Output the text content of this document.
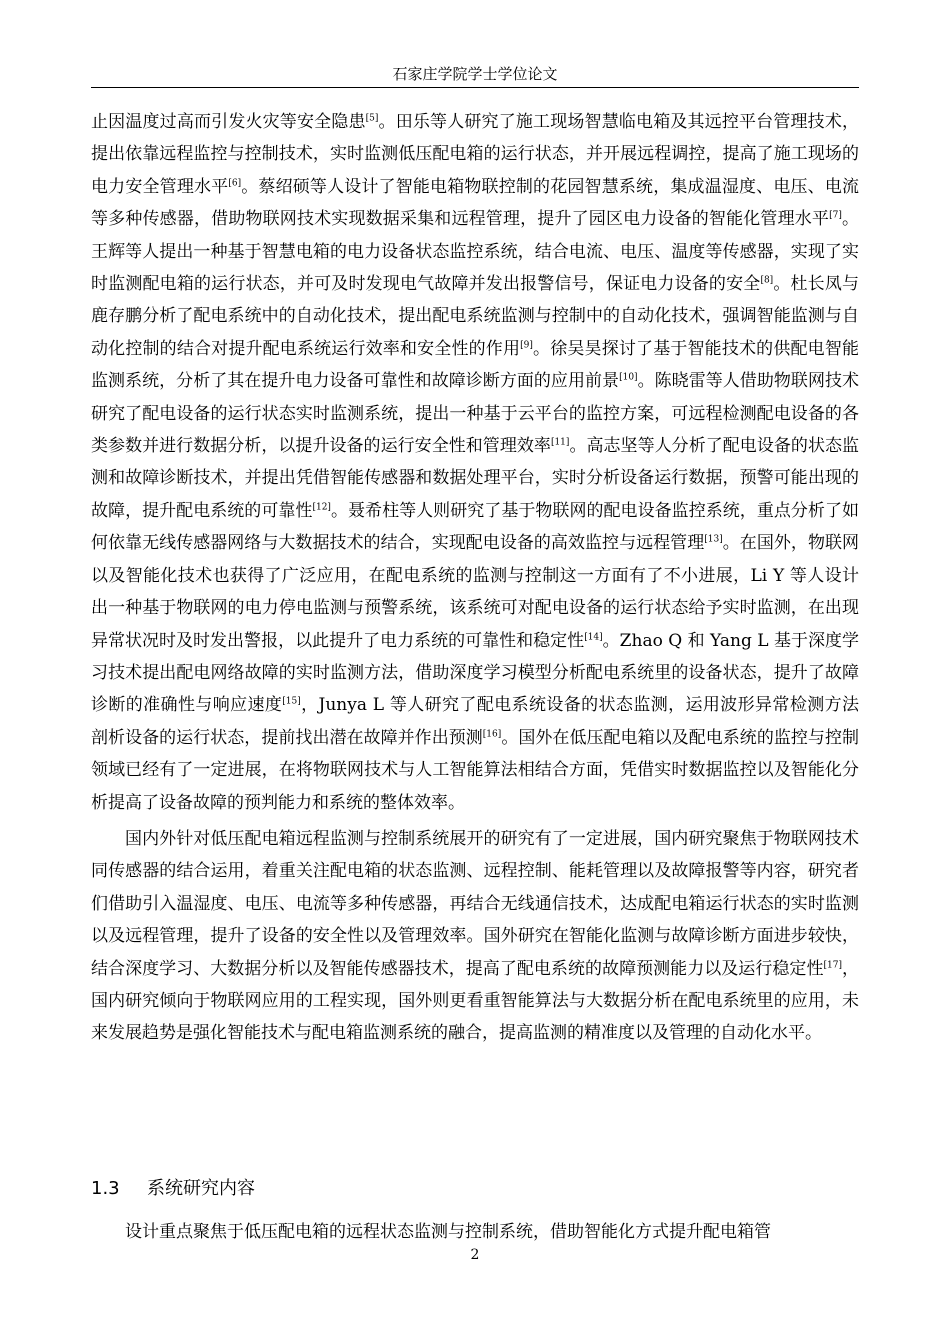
石家庄学院学士学位论文

止因温度过高而引发火灾等安全隐患[5]。田乐等人研究了施工现场智慧临电箱及其远控平台管理技术，提出依靠远程监控与控制技术，实时监测低压配电箱的运行状态，并开展远程调控，提高了施工现场的电力安全管理水平[6]。蔡绍硕等人设计了智能电箱物联控制的花园智慧系统，集成温湿度、电压、电流等多种传感器，借助物联网技术实现数据采集和远程管理，提升了园区电力设备的智能化管理水平[7]。王辉等人提出一种基于智慧电箱的电力设备状态监控系统，结合电流、电压、温度等传感器，实现了实时监测配电箱的运行状态，并可及时发现电气故障并发出报警信号，保证电力设备的安全[8]。杜长凤与鹿存鹏分析了配电系统中的自动化技术，提出配电系统监测与控制中的自动化技术，强调智能监测与自动化控制的结合对提升配电系统运行效率和安全性的作用[9]。徐吴昊探讨了基于智能技术的供配电智能监测系统，分析了其在提升电力设备可靠性和故障诊断方面的应用前景[10]。陈晓雷等人借助物联网技术研究了配电设备的运行状态实时监测系统，提出一种基于云平台的监控方案，可远程检测配电设备的各类参数并进行数据分析，以提升设备的运行安全性和管理效率[11]。高志坚等人分析了配电设备的状态监测和故障诊断技术，并提出凭借智能传感器和数据处理平台，实时分析设备运行数据，预警可能出现的故障，提升配电系统的可靠性[12]。聂希柱等人则研究了基于物联网的配电设备监控系统，重点分析了如何依靠无线传感器网络与大数据技术的结合，实现配电设备的高效监控与远程管理[13]。在国外，物联网以及智能化技术也获得了广泛应用，在配电系统的监测与控制这一方面有了不小进展，Li Y 等人设计出一种基于物联网的电力停电监测与预警系统，该系统可对配电设备的运行状态给予实时监测，在出现异常状况时及时发出警报，以此提升了电力系统的可靠性和稳定性[14]。Zhao Q 和 Yang L 基于深度学习技术提出配电网络故障的实时监测方法，借助深度学习模型分析配电系统里的设备状态，提升了故障诊断的准确性与响应速度[15]，Junya L 等人研究了配电系统设备的状态监测，运用波形异常检测方法剖析设备的运行状态，提前找出潜在故障并作出预测[16]。国外在低压配电箱以及配电系统的监控与控制领域已经有了一定进展，在将物联网技术与人工智能算法相结合方面，凭借实时数据监控以及智能化分析提高了设备故障的预判能力和系统的整体效率。

国内外针对低压配电箱远程监测与控制系统展开的研究有了一定进展，国内研究聚焦于物联网技术同传感器的结合运用，着重关注配电箱的状态监测、远程控制、能耗管理以及故障报警等内容，研究者们借助引入温湿度、电压、电流等多种传感器，再结合无线通信技术，达成配电箱运行状态的实时监测以及远程管理，提升了设备的安全性以及管理效率。国外研究在智能化监测与故障诊断方面进步较快，结合深度学习、大数据分析以及智能传感器技术，提高了配电系统的故障预测能力以及运行稳定性[17]，国内研究倾向于物联网应用的工程实现，国外则更看重智能算法与大数据分析在配电系统里的应用，未来发展趋势是强化智能技术与配电箱监测系统的融合，提高监测的精准度以及管理的自动化水平。

1.3 系统研究内容

设计重点聚焦于低压配电箱的远程状态监测与控制系统，借助智能化方式提升配电箱管

2
